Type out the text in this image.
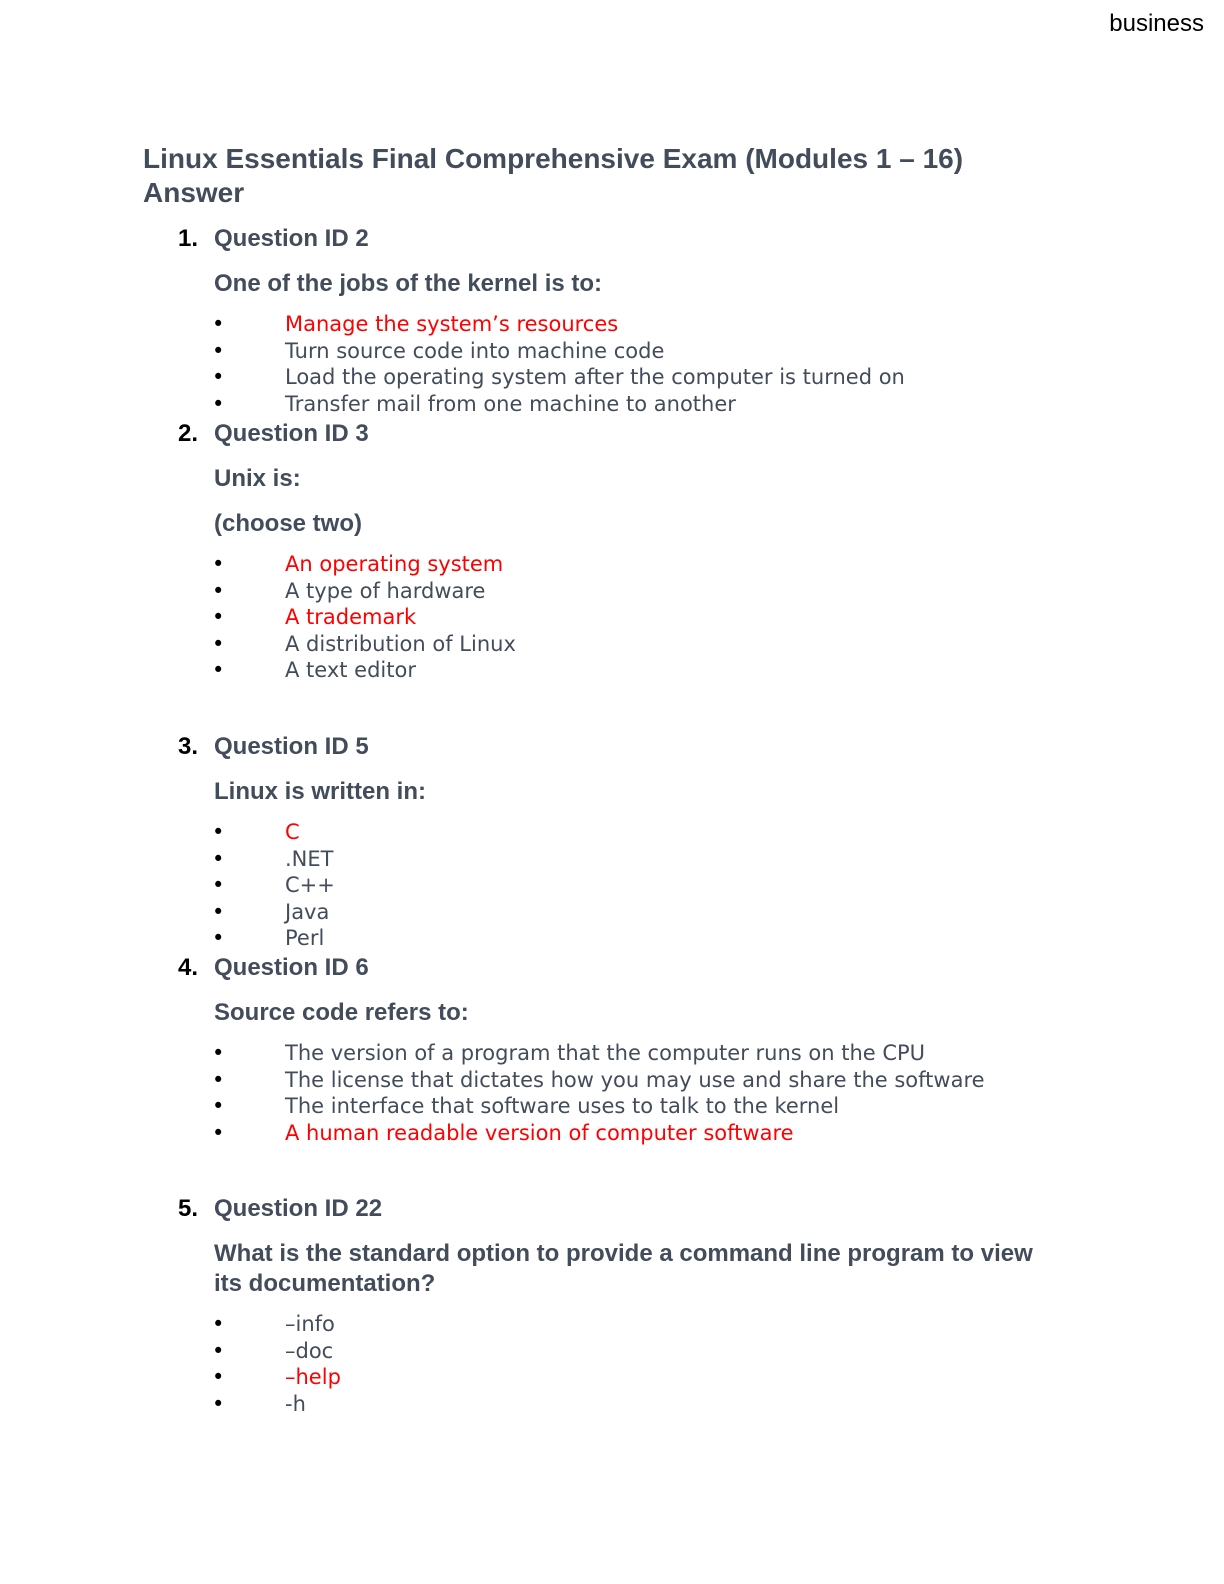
business
Linux Essentials Final Comprehensive Exam (Modules 1 – 16) Answer
1. Question ID 2

One of the jobs of the kernel is to:

•	Manage the system’s resources
•	Turn source code into machine code
•	Load the operating system after the computer is turned on
•	Transfer mail from one machine to another
2. Question ID 3

Unix is:

(choose two)

•	An operating system
•	A type of hardware
•	A trademark
•	A distribution of Linux
•	A text editor
3. Question ID 5

Linux is written in:

•	C
•	.NET
•	C++
•	Java
•	Perl
4. Question ID 6

Source code refers to:

•	The version of a program that the computer runs on the CPU
•	The license that dictates how you may use and share the software
•	The interface that software uses to talk to the kernel
•	A human readable version of computer software
5. Question ID 22

What is the standard option to provide a command line program to view its documentation?

•	–info
•	–doc
•	–help
•	-h
